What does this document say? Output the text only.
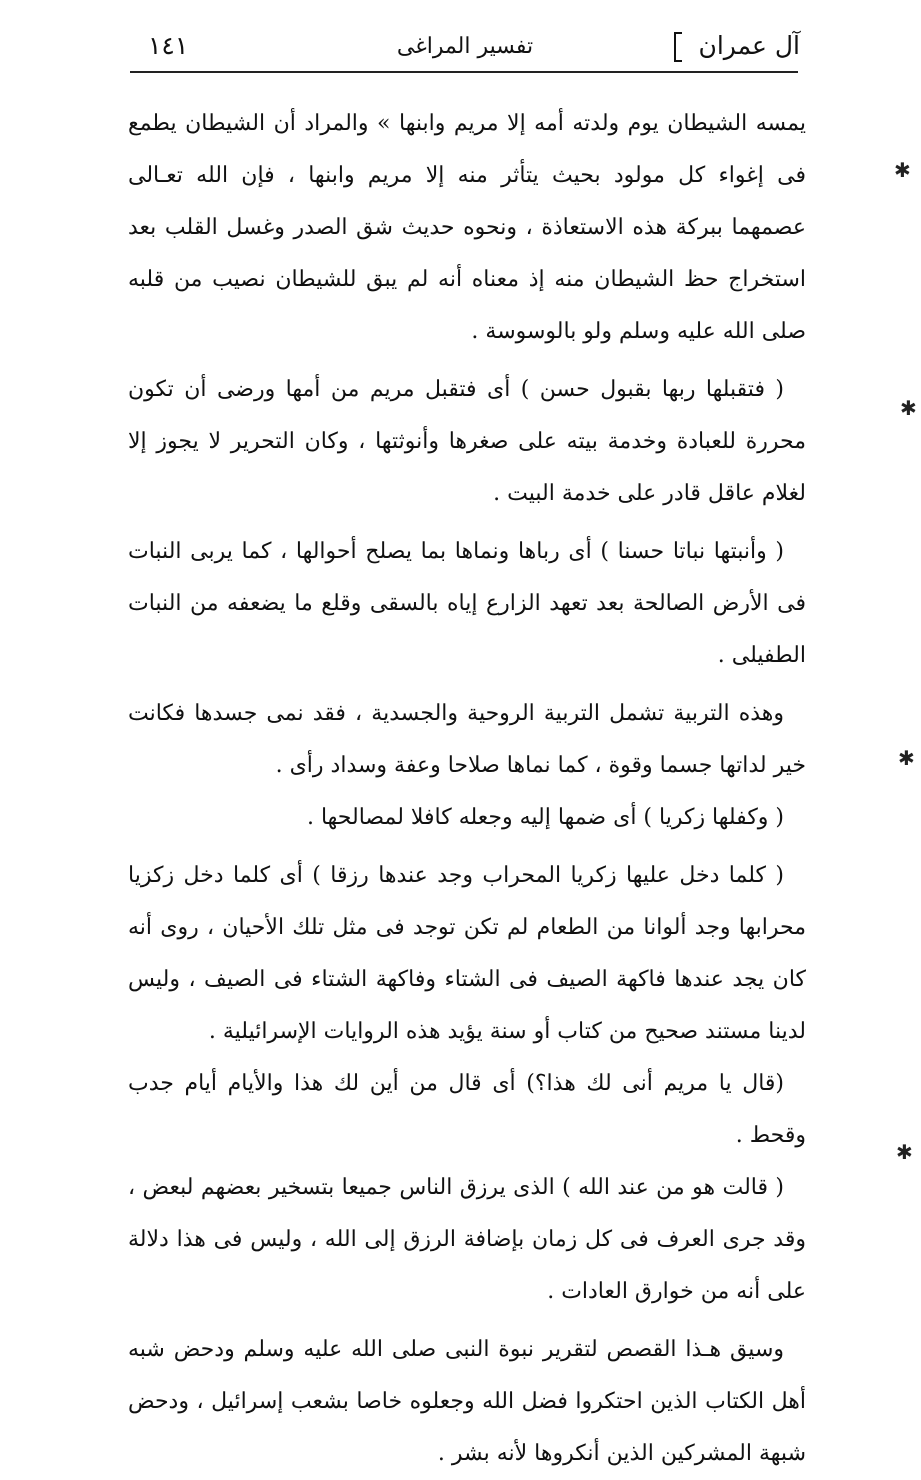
آل عمران
تفسير المراغى
١٤١

يمسه الشيطان يوم ولدته أمه إلا مريم وابنها » والمراد أن الشيطان يطمع فى إغواء كل مولود بحيث يتأثر منه إلا مريم وابنها ، فإن الله تعـالى عصمهما ببركة هذه الاستعاذة ، ونحوه حديث شق الصدر وغسل القلب بعد استخراج حظ الشيطان منه إذ معناه أنه لم يبق للشيطان نصيب من قلبه صلى الله عليه وسلم ولو بالوسوسة .

( فتقبلها ربها بقبول حسن ) أى فتقبل مريم من أمها ورضى أن تكون محررة للعبادة وخدمة بيته على صغرها وأنوثتها ، وكان التحرير لا يجوز إلا لغلام عاقل قادر على خدمة البيت .

( وأنبتها نباتا حسنا ) أى رباها ونماها بما يصلح أحوالها ، كما يربى النبات فى الأرض الصالحة بعد تعهد الزارع إياه بالسقى وقلع ما يضعفه من النبات الطفيلى .

وهذه التربية تشمل التربية الروحية والجسدية ، فقد نمى جسدها فكانت خير لداتها جسما وقوة ، كما نماها صلاحا وعفة وسداد رأى .

( وكفلها زكريا ) أى ضمها إليه وجعله كافلا لمصالحها .

( كلما دخل عليها زكريا المحراب وجد عندها رزقا ) أى كلما دخل زكزيا محرابها وجد ألوانا من الطعام لم تكن توجد فى مثل تلك الأحيان ، روى أنه كان يجد عندها فاكهة الصيف فى الشتاء وفاكهة الشتاء فى الصيف ، وليس لدينا مستند صحيح من كتاب أو سنة يؤيد هذه الروايات الإسرائيلية .

(قال يا مريم أنى لك هذا؟) أى قال من أين لك هذا والأيام أيام جدب وقحط .

( قالت هو من عند الله ) الذى يرزق الناس جميعا بتسخير بعضهم لبعض ، وقد جرى العرف فى كل زمان بإضافة الرزق إلى الله ، وليس فى هذا دلالة على أنه من خوارق العادات .

وسيق هـذا القصص لتقرير نبوة النبى صلى الله عليه وسلم ودحض شبه أهل الكتاب الذين احتكروا فضل الله وجعلوه خاصا بشعب إسرائيل ، ودحض شبهة المشركين الذين أنكروها لأنه بشر .

✱
✱
✱
✱
